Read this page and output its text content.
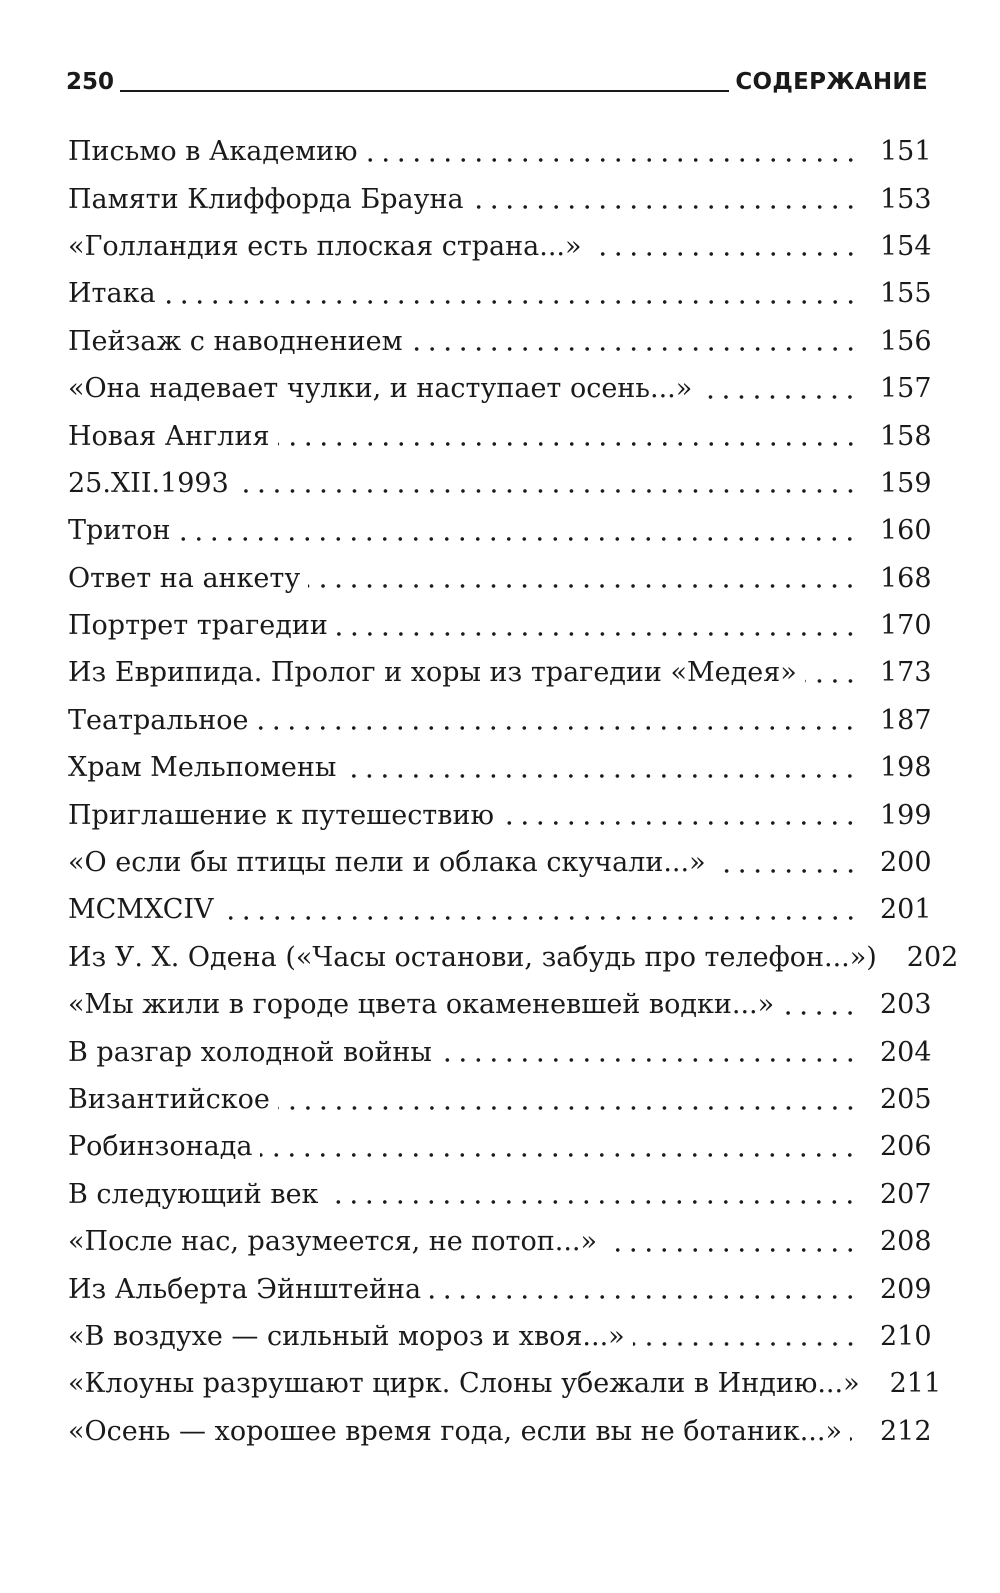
250	СОДЕРЖАНИЕ
Письмо в Академию	151
Памяти Клиффорда Брауна	153
«Голландия есть плоская страна...»	154
Итака	155
Пейзаж с наводнением	156
«Она надевает чулки, и наступает осень...»	157
Новая Англия	158
25.XII.1993	159
Тритон	160
Ответ на анкету	168
Портрет трагедии	170
Из Еврипида. Пролог и хоры из трагедии «Медея»	173
Театральное	187
Храм Мельпомены	198
Приглашение к путешествию	199
«О если бы птицы пели и облака скучали...»	200
MCMXCIV	201
Из У. Х. Одена («Часы останови, забудь про телефон...») 202
«Мы жили в городе цвета окаменевшей водки...»	203
В разгар холодной войны	204
Византийское	205
Робинзонада	206
В следующий век	207
«После нас, разумеется, не потоп...»	208
Из Альберта Эйнштейна	209
«В воздухе — сильный мороз и хвоя...»	210
«Клоуны разрушают цирк. Слоны убежали в Индию...» 211
«Осень — хорошее время года, если вы не ботаник...» 212
